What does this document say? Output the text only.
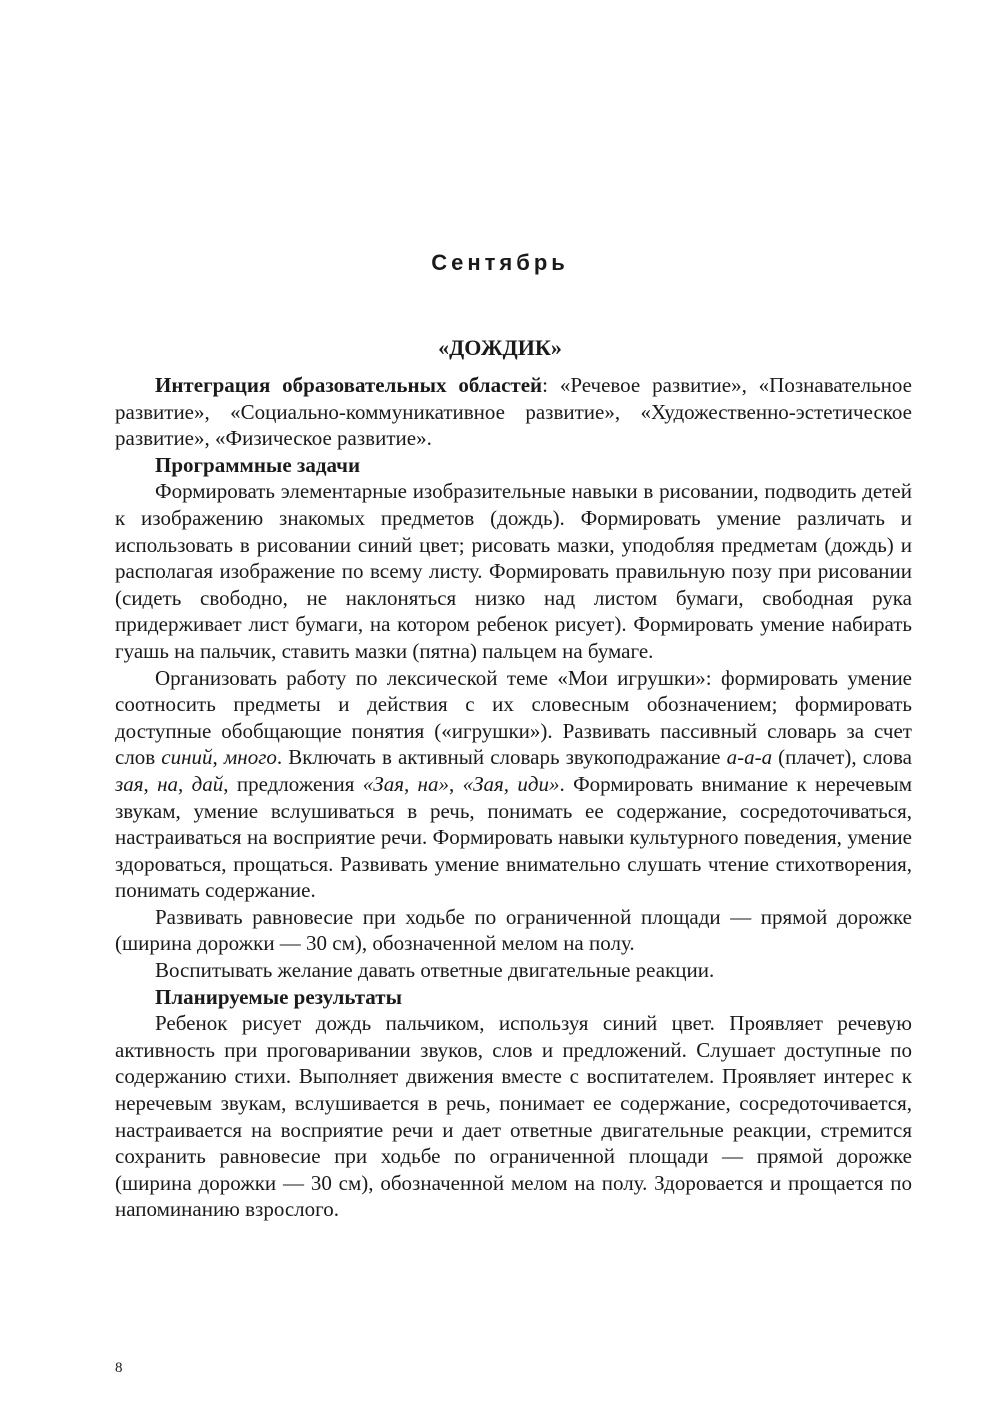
Сентябрь
«ДОЖДИК»

Интеграция образовательных областей: «Речевое развитие», «Познавательное развитие», «Социально-коммуникативное развитие», «Художественно-эстетическое развитие», «Физическое развитие».

Программные задачи

Формировать элементарные изобразительные навыки в рисовании, подводить детей к изображению знакомых предметов (дождь). Формировать умение различать и использовать в рисовании синий цвет; рисовать мазки, уподобляя предметам (дождь) и располагая изображение по всему листу. Формировать правильную позу при рисовании (сидеть свободно, не наклоняться низко над листом бумаги, свободная рука придерживает лист бумаги, на котором ребенок рисует). Формировать умение набирать гуашь на пальчик, ставить мазки (пятна) пальцем на бумаге.

Организовать работу по лексической теме «Мои игрушки»: формировать умение соотносить предметы и действия с их словесным обозначением; формировать доступные обобщающие понятия («игрушки»). Развивать пассивный словарь за счет слов синий, много. Включать в активный словарь звукоподражание а-а-а (плачет), слова зая, на, дай, предложения «Зая, на», «Зая, иди». Формировать внимание к неречевым звукам, умение вслушиваться в речь, понимать ее содержание, сосредоточиваться, настраиваться на восприятие речи. Формировать навыки культурного поведения, умение здороваться, прощаться. Развивать умение внимательно слушать чтение стихотворения, понимать содержание.

Развивать равновесие при ходьбе по ограниченной площади — прямой дорожке (ширина дорожки — 30 см), обозначенной мелом на полу.

Воспитывать желание давать ответные двигательные реакции.

Планируемые результаты

Ребенок рисует дождь пальчиком, используя синий цвет. Проявляет речевую активность при проговаривании звуков, слов и предложений. Слушает доступные по содержанию стихи. Выполняет движения вместе с воспитателем. Проявляет интерес к неречевым звукам, вслушивается в речь, понимает ее содержание, сосредоточивается, настраивается на восприятие речи и дает ответные двигательные реакции, стремится сохранить равновесие при ходьбе по ограниченной площади — прямой дорожке (ширина дорожки — 30 см), обозначенной мелом на полу. Здоровается и прощается по напоминанию взрослого.

8
